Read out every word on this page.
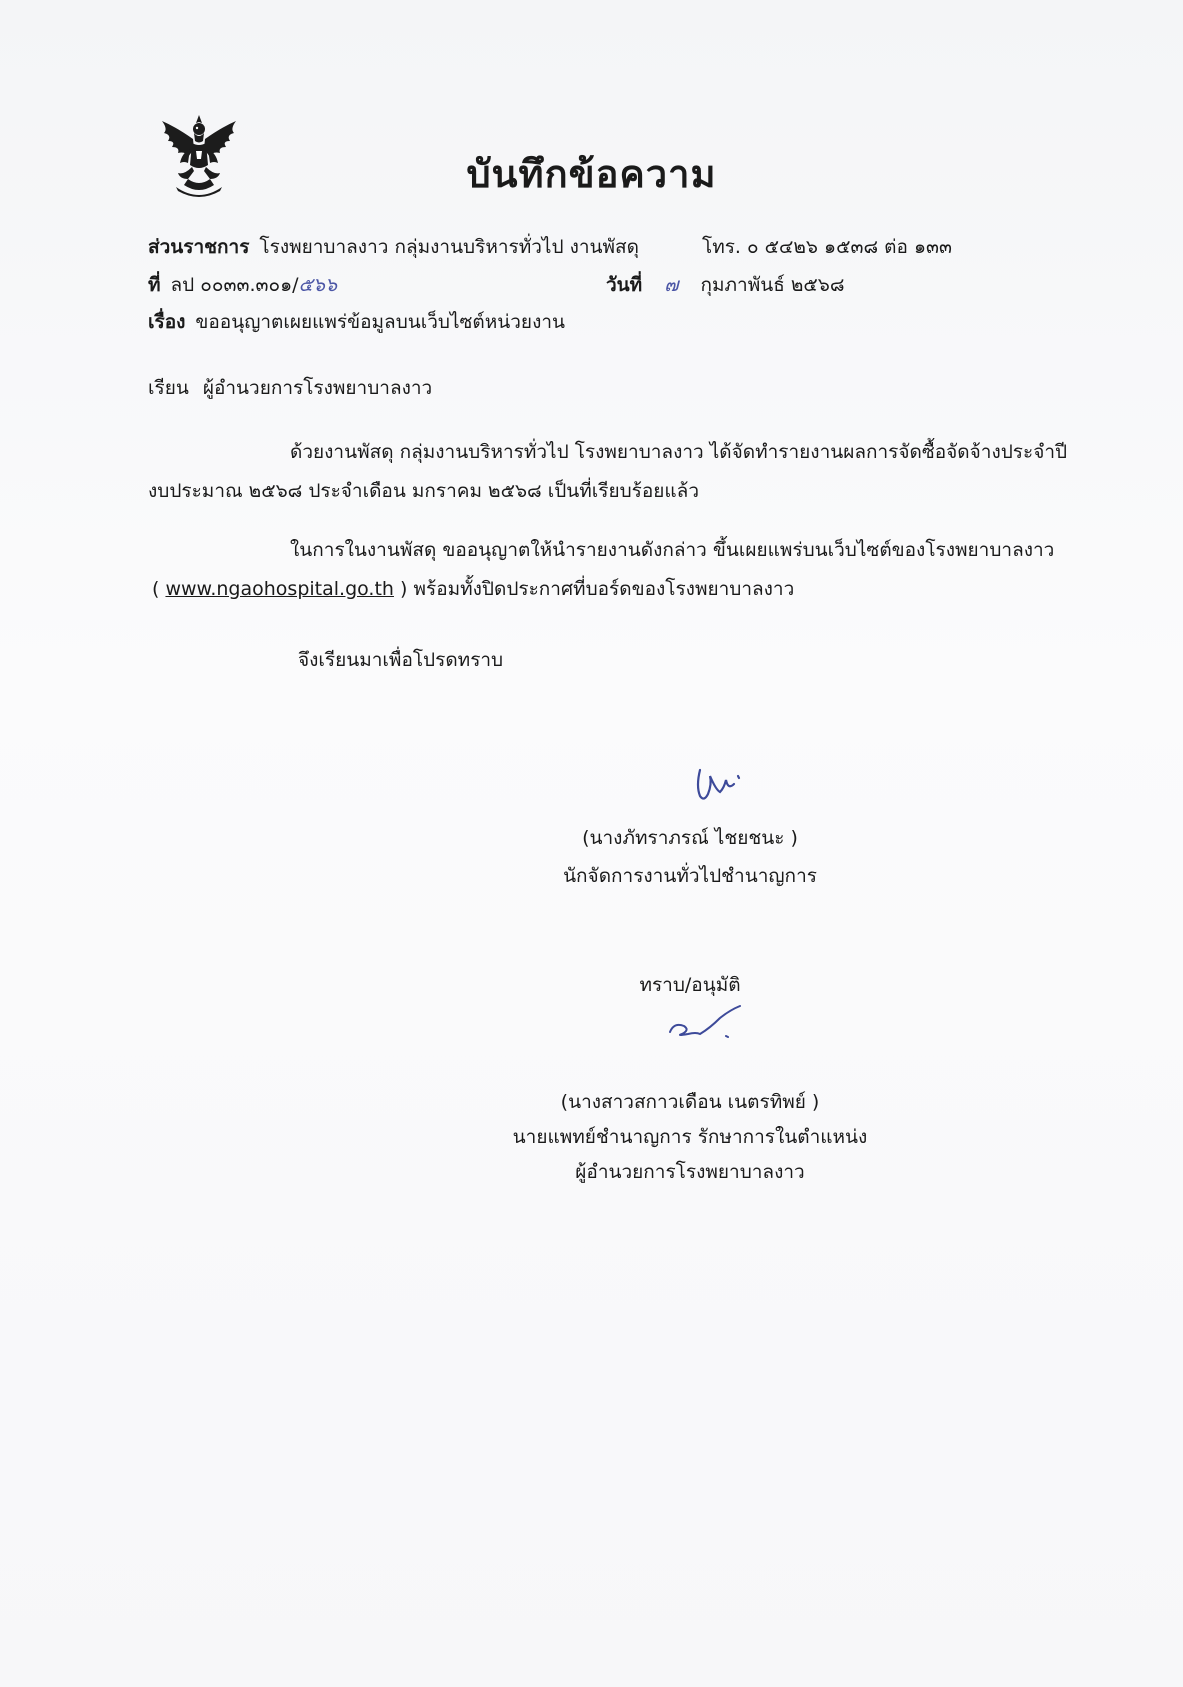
บันทึกข้อความ
ส่วนราชการ โรงพยาบาลงาว กลุ่มงานบริหารทั่วไป งานพัสดุ	โทร. ๐ ๕๔๒๖ ๑๕๓๘ ต่อ ๑๓๓
ที่ ลป ๐๐๓๓.๓๐๑/๕๖๖	วันที่ ๗ กุมภาพันธ์ ๒๕๖๘
เรื่อง ขออนุญาตเผยแพร่ข้อมูลบนเว็บไซต์หน่วยงาน
เรียน ผู้อำนวยการโรงพยาบาลงาว
ด้วยงานพัสดุ กลุ่มงานบริหารทั่วไป โรงพยาบาลงาว ได้จัดทำรายงานผลการจัดซื้อจัดจ้างประจำปี
งบประมาณ ๒๕๖๘ ประจำเดือน มกราคม ๒๕๖๘ เป็นที่เรียบร้อยแล้ว
ในการในงานพัสดุ ขออนุญาตให้นำรายงานดังกล่าว ขึ้นเผยแพร่บนเว็บไซต์ของโรงพยาบาลงาว
( www.ngaohospital.go.th ) พร้อมทั้งปิดประกาศที่บอร์ดของโรงพยาบาลงาว
จึงเรียนมาเพื่อโปรดทราบ
(นางภัทราภรณ์ ไชยชนะ )
นักจัดการงานทั่วไปชำนาญการ
ทราบ/อนุมัติ
(นางสาวสกาวเดือน เนตรทิพย์ )
นายแพทย์ชำนาญการ รักษาการในตำแหน่ง
ผู้อำนวยการโรงพยาบาลงาว
